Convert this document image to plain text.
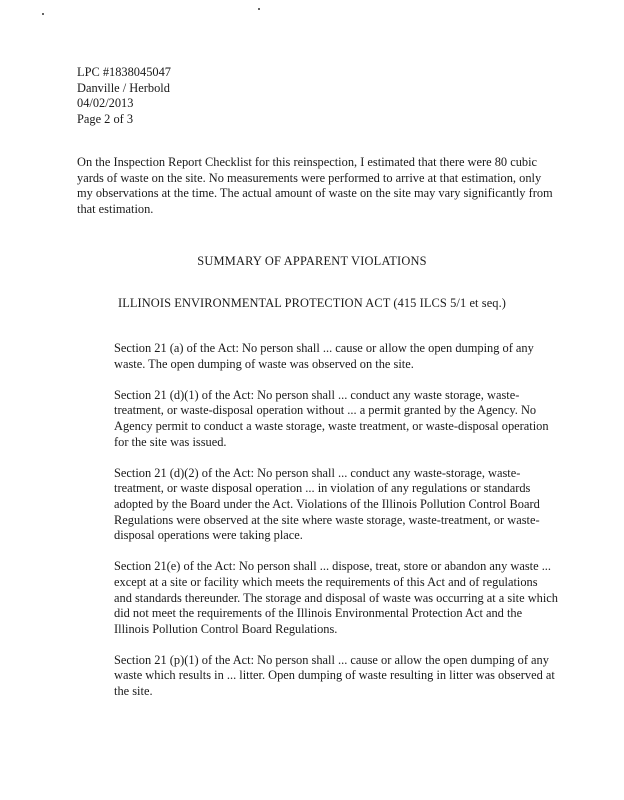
LPC #1838045047
Danville / Herbold
04/02/2013
Page 2 of 3

On the Inspection Report Checklist for this reinspection, I estimated that there were 80 cubic yards of waste on the site. No measurements were performed to arrive at that estimation, only my observations at the time. The actual amount of waste on the site may vary significantly from that estimation.

SUMMARY OF APPARENT VIOLATIONS
ILLINOIS ENVIRONMENTAL PROTECTION ACT (415 ILCS 5/1 et seq.)

Section 21 (a) of the Act: No person shall ... cause or allow the open dumping of any waste. The open dumping of waste was observed on the site.

Section 21 (d)(1) of the Act: No person shall ... conduct any waste storage, waste-treatment, or waste-disposal operation without ... a permit granted by the Agency. No Agency permit to conduct a waste storage, waste treatment, or waste-disposal operation for the site was issued.

Section 21 (d)(2) of the Act: No person shall ... conduct any waste-storage, waste-treatment, or waste disposal operation ... in violation of any regulations or standards adopted by the Board under the Act. Violations of the Illinois Pollution Control Board Regulations were observed at the site where waste storage, waste-treatment, or waste-disposal operations were taking place.

Section 21(e) of the Act: No person shall ... dispose, treat, store or abandon any waste ... except at a site or facility which meets the requirements of this Act and of regulations and standards thereunder. The storage and disposal of waste was occurring at a site which did not meet the requirements of the Illinois Environmental Protection Act and the Illinois Pollution Control Board Regulations.

Section 21 (p)(1) of the Act: No person shall ... cause or allow the open dumping of any waste which results in ... litter. Open dumping of waste resulting in litter was observed at the site.
